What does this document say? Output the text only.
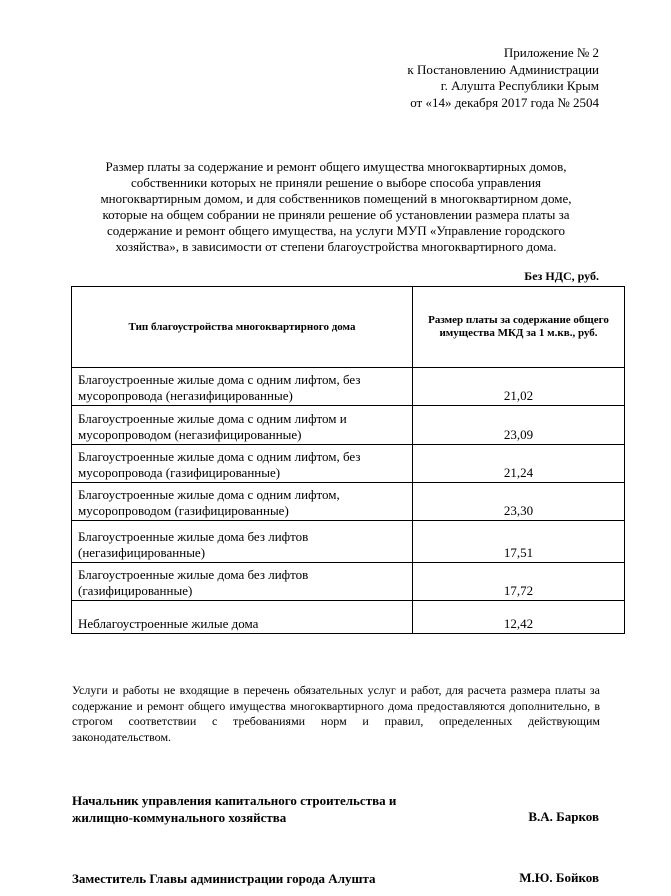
Приложение № 2
к Постановлению Администрации
г. Алушта Республики Крым
от «14» декабря 2017 года № 2504
Размер платы за содержание и ремонт общего имущества многоквартирных домов,
собственники которых не приняли решение о выборе способа управления
многоквартирным домом, и для собственников помещений в многоквартирном доме,
которые на общем собрании не приняли решение об установлении размера платы за
содержание и ремонт общего имущества, на услуги МУП «Управление городского
хозяйства», в зависимости от степени благоустройства многоквартирного дома.
Без НДС, руб.
Тип благоустройства многоквартирного дома	Размер платы за содержание общего имущества МКД за 1 м.кв., руб.

Благоустроенные жилые дома с одним лифтом, без
мусоропровода (негазифицированные)	21,02

Благоустроенные жилые дома с одним лифтом и
мусоропроводом (негазифицированные)	23,09

Благоустроенные жилые дома с одним лифтом, без
мусоропровода (газифицированные)	21,24

Благоустроенные жилые дома с одним лифтом,
мусоропроводом (газифицированные)	23,30

Благоустроенные жилые дома без лифтов
(негазифицированные)	17,51

Благоустроенные жилые дома без лифтов
(газифицированные)	17,72

Неблагоустроенные жилые дома	12,42
Услуги и работы не входящие в перечень обязательных услуг и работ, для расчета размера платы за содержание и ремонт общего имущества многоквартирного дома предоставляются дополнительно, в строгом соответствии с требованиями норм и правил, определенных действующим законодательством.
Начальник управления капитального строительства и
жилищно-коммунального хозяйства	В.А. Барков
Заместитель Главы администрации города Алушта	М.Ю. Бойков
